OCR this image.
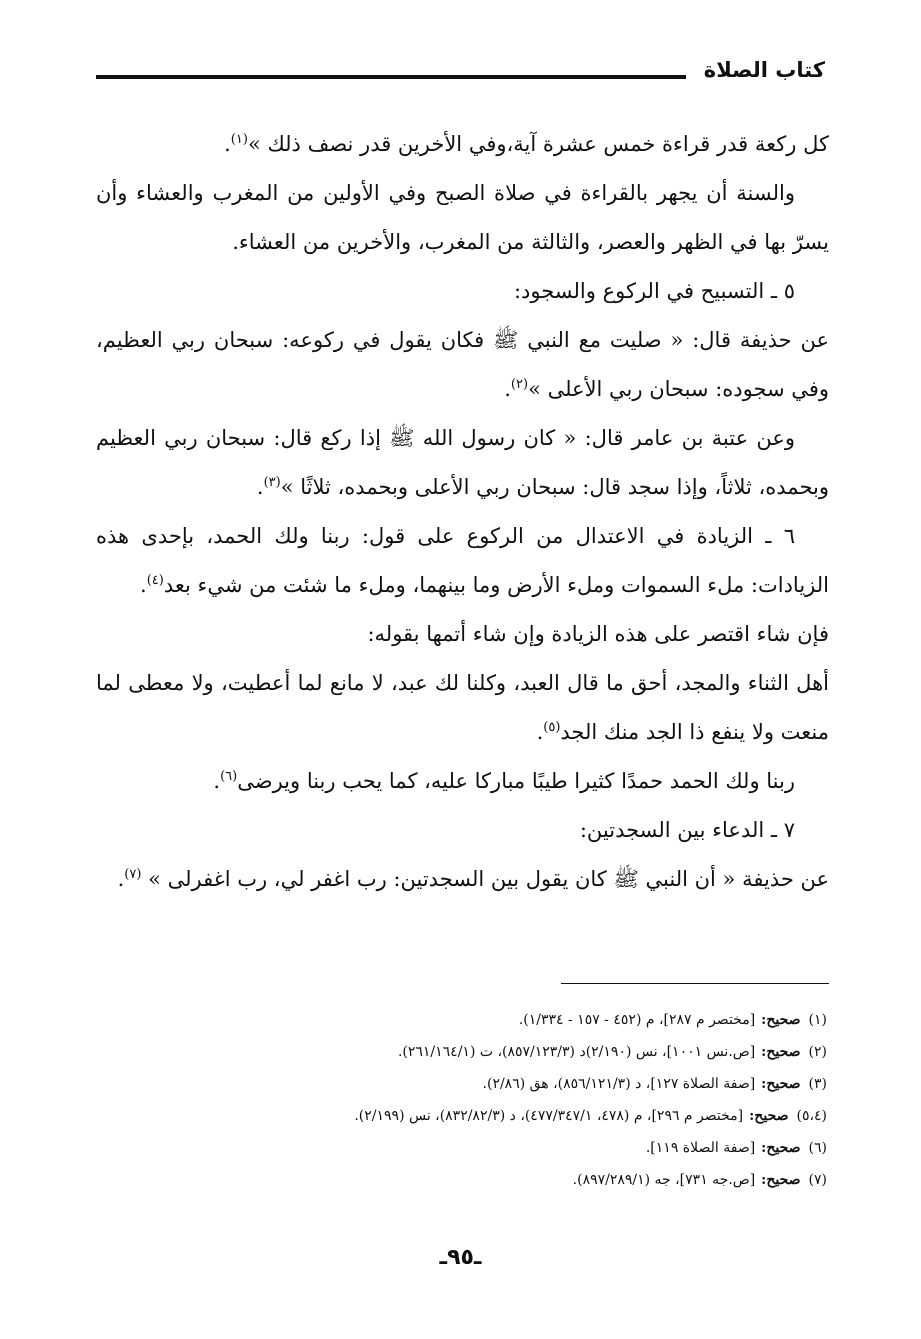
كتاب الصلاة

كل ركعة قدر قراءة خمس عشرة آية،وفي الأخرين قدر نصف ذلك »$^{(١)}$.

والسنة أن يجهر بالقراءة في صلاة الصبح وفي الأولين من المغرب والعشاء وأن يسرّ بها في الظهر والعصر، والثالثة من المغرب، والأخرين من العشاء.

٥ ـ التسبيح في الركوع والسجود:

عن حذيفة قال: « صليت مع النبي ﷺ فكان يقول في ركوعه: سبحان ربي العظيم، وفي سجوده: سبحان ربي الأعلى »$^{(٢)}$.

وعن عتبة بن عامر قال: « كان رسول الله ﷺ إذا ركع قال: سبحان ربي العظيم وبحمده، ثلاثاً، وإذا سجد قال: سبحان ربي الأعلى وبحمده، ثلاثًا »$^{(٣)}$.

٦ ـ الزيادة في الاعتدال من الركوع على قول: ربنا ولك الحمد، بإحدى هذه الزيادات: ملء السموات وملء الأرض وما بينهما، وملء ما شئت من شيء بعد$^{(٤)}$.

فإن شاء اقتصر على هذه الزيادة وإن شاء أتمها بقوله:

أهل الثناء والمجد، أحق ما قال العبد، وكلنا لك عبد، لا مانع لما أعطيت، ولا معطى لما منعت ولا ينفع ذا الجد منك الجد$^{(٥)}$.

ربنا ولك الحمد حمدًا كثيرا طيبًا مباركا عليه، كما يحب ربنا ويرضى$^{(٦)}$.

٧ ـ الدعاء بين السجدتين:

عن حذيفة « أن النبي ﷺ كان يقول بين السجدتين: رب اغفر لي، رب اغفرلى » $^{(٧)}$.

(١)صحيح:[مختصر م ٢٨٧]، م (٤٥٢ - ١٥٧ - ١/٣٣٤).

(٢)صحيح:[ص.نس ١٠٠١]، نس (٢/١٩٠)د (٨٥٧/١٢٣/٣)، ت (٢٦١/١٦٤/١).

(٣)صحيح:[صفة الصلاة ١٢٧]، د (٨٥٦/١٢١/٣)، هق (٢/٨٦).

(٥،٤)صحيح:[مختصر م ٢٩٦]، م (٤٧٨، ٤٧٧/٣٤٧/١)، د (٨٣٢/٨٢/٣)، نس (٢/١٩٩).

(٦)صحيح:[صفة الصلاة ١١٩].

(٧)صحيح:[ص.جه ٧٣١]، جه (٨٩٧/٢٨٩/١).

ـ٩٥ـ
